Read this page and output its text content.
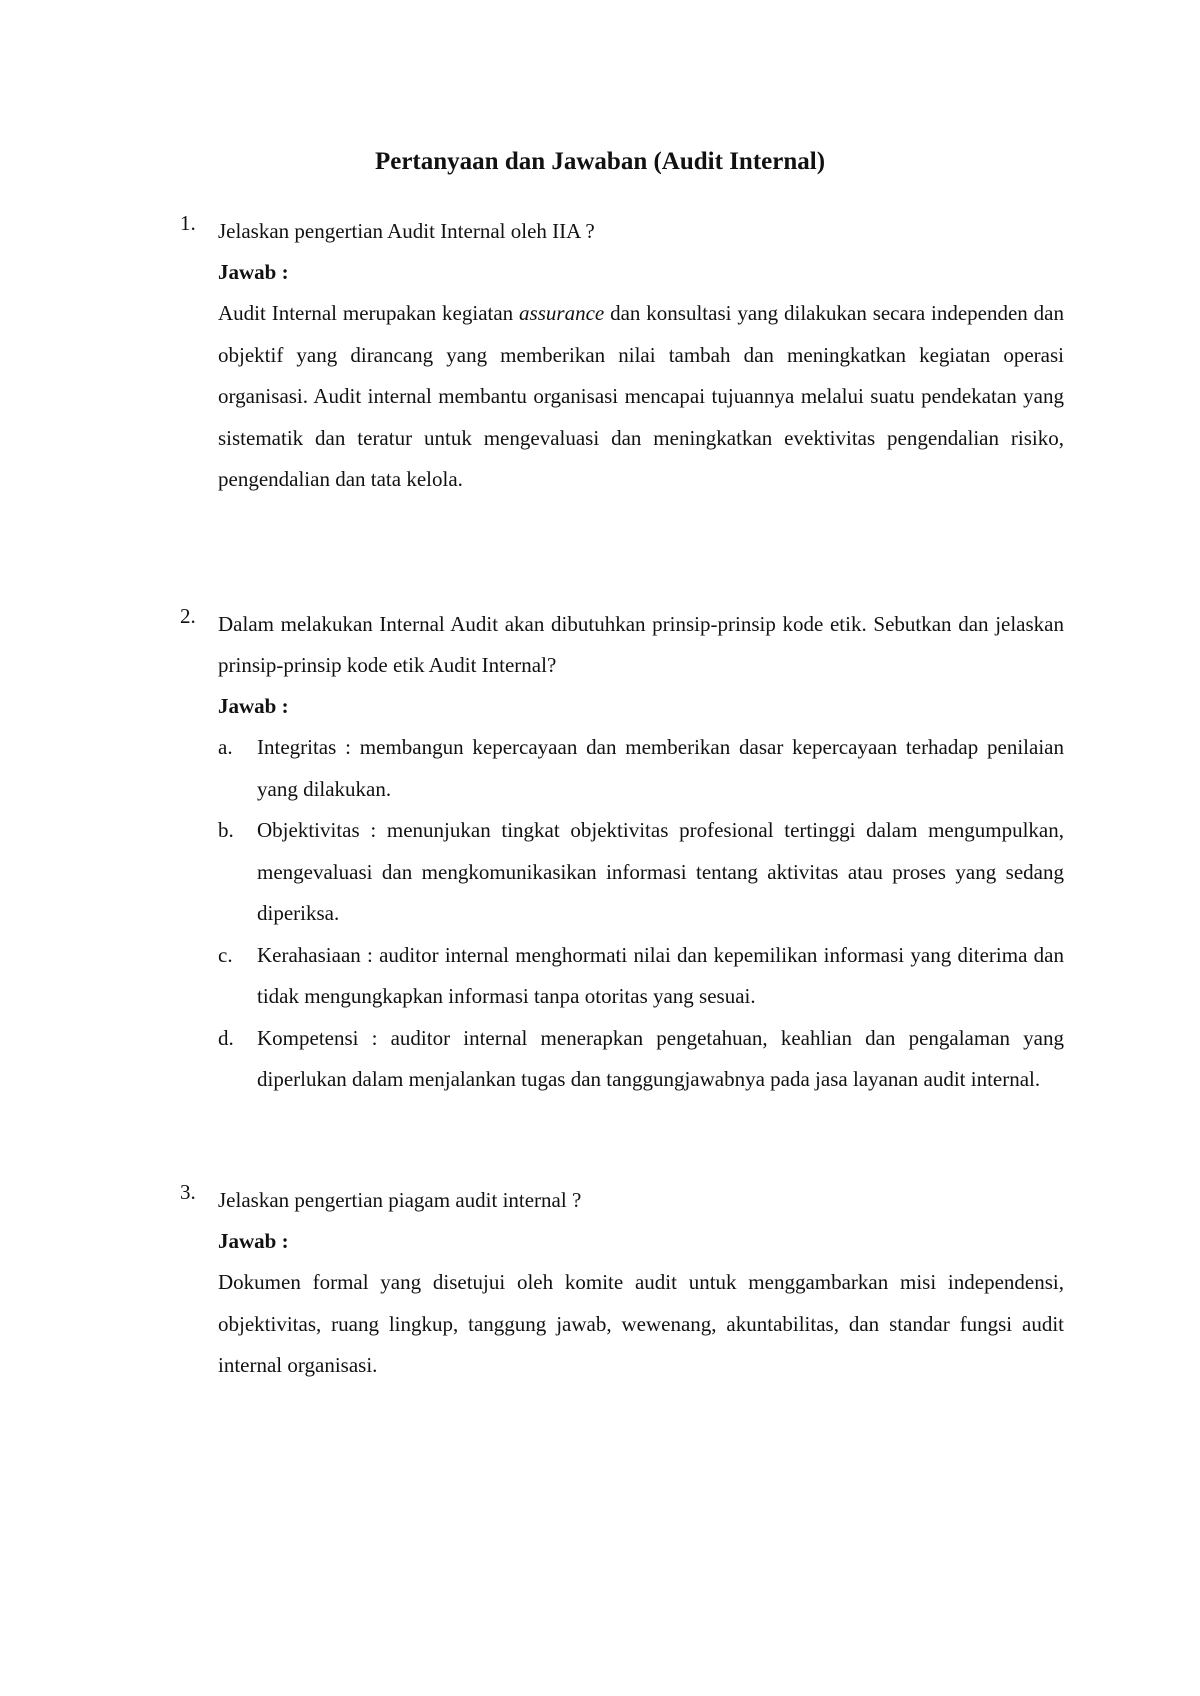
Pertanyaan dan Jawaban (Audit Internal)
1.	Jelaskan pengertian Audit Internal oleh IIA ?
Jawab :
Audit Internal merupakan kegiatan assurance dan konsultasi yang dilakukan secara independen dan objektif yang dirancang yang memberikan nilai tambah dan meningkatkan kegiatan operasi organisasi. Audit internal membantu organisasi mencapai tujuannya melalui suatu pendekatan yang sistematik dan teratur untuk mengevaluasi dan meningkatkan evektivitas pengendalian risiko, pengendalian dan tata kelola.
2.	Dalam melakukan Internal Audit akan dibutuhkan prinsip-prinsip kode etik. Sebutkan dan jelaskan prinsip-prinsip kode etik Audit Internal?
Jawab :
a. Integritas : membangun kepercayaan dan memberikan dasar kepercayaan terhadap penilaian yang dilakukan.
b. Objektivitas : menunjukan tingkat objektivitas profesional tertinggi dalam mengumpulkan, mengevaluasi dan mengkomunikasikan informasi tentang aktivitas atau proses yang sedang diperiksa.
c. Kerahasiaan : auditor internal menghormati nilai dan kepemilikan informasi yang diterima dan tidak mengungkapkan informasi tanpa otoritas yang sesuai.
d. Kompetensi : auditor internal menerapkan pengetahuan, keahlian dan pengalaman yang diperlukan dalam menjalankan tugas dan tanggungjawabnya pada jasa layanan audit internal.
3.	Jelaskan pengertian piagam audit internal ?
Jawab :
Dokumen formal yang disetujui oleh komite audit untuk menggambarkan misi independensi, objektivitas, ruang lingkup, tanggung jawab, wewenang, akuntabilitas, dan standar fungsi audit internal organisasi.
